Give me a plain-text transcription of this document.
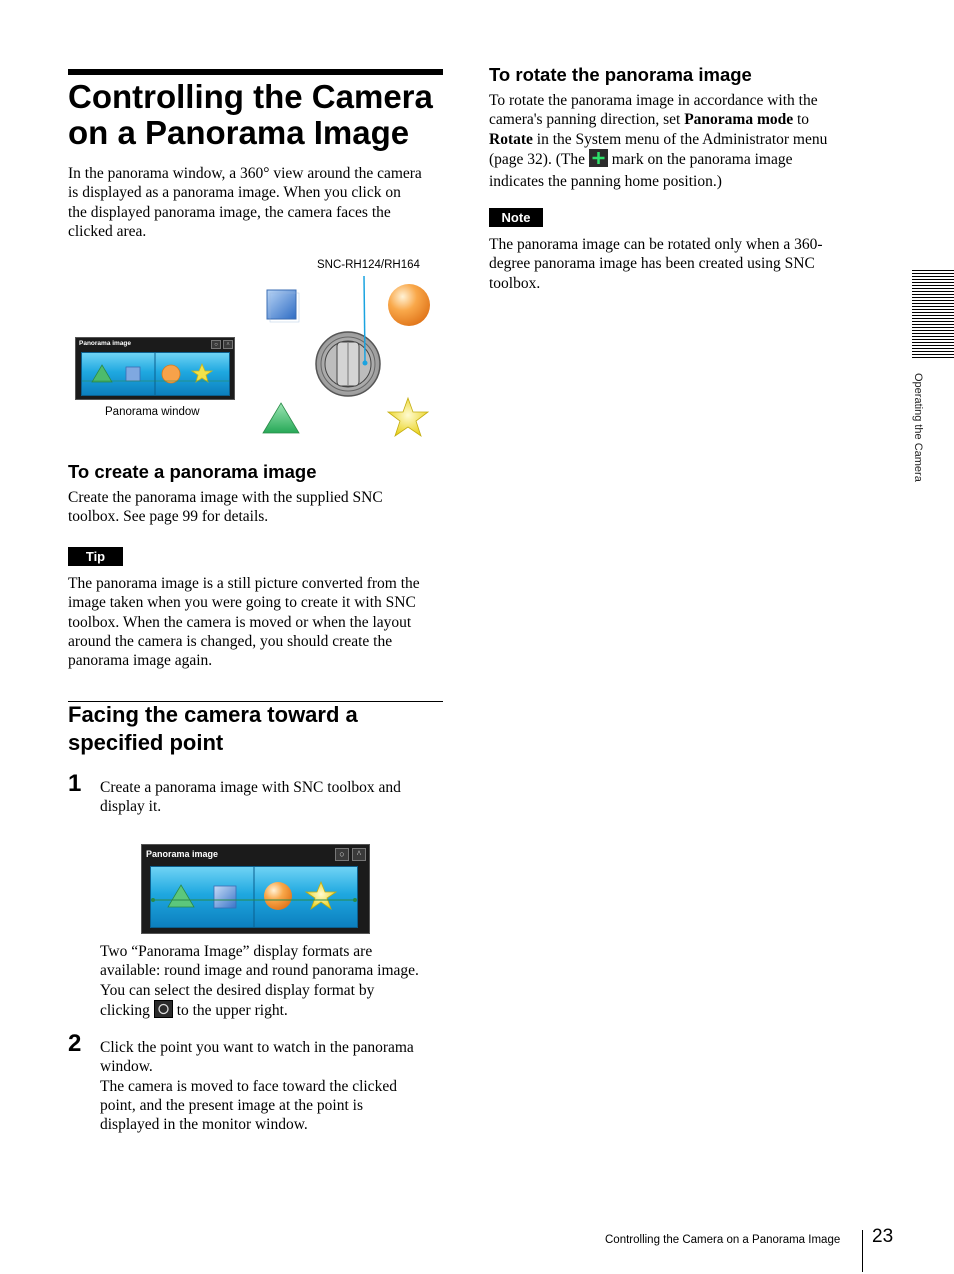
Controlling the Camera
on a Panorama Image

In the panorama window, a 360° view around the camera
is displayed as a panorama image. When you click on
the displayed panorama image, the camera faces the
clicked area.

SNC-RH124/RH164
Panorama image	○	^
Panorama window
To create a panorama image

Create the panorama image with the supplied SNC
toolbox. See page 99 for details.

Tip

The panorama image is a still picture converted from the
image taken when you were going to create it with SNC
toolbox. When the camera is moved or when the layout
around the camera is changed, you should create the
panorama image again.

Facing the camera toward a
specified point
1 Create a panorama image with SNC toolbox and
display it.

Panorama image	○	^

Two “Panorama Image” display formats are
available: round image and round panorama image.
You can select the desired display format by
clicking to the upper right.

2 Click the point you want to watch in the panorama
window.
The camera is moved to face toward the clicked
point, and the present image at the point is
displayed in the monitor window.

To rotate the panorama image

To rotate the panorama image in accordance with the
camera's panning direction, set Panorama mode to
Rotate in the System menu of the Administrator menu
(page 32). (The mark on the panorama image
indicates the panning home position.)

Note

The panorama image can be rotated only when a 360-
degree panorama image has been created using SNC
toolbox.

Operating the Camera
Controlling the Camera on a Panorama Image 23
